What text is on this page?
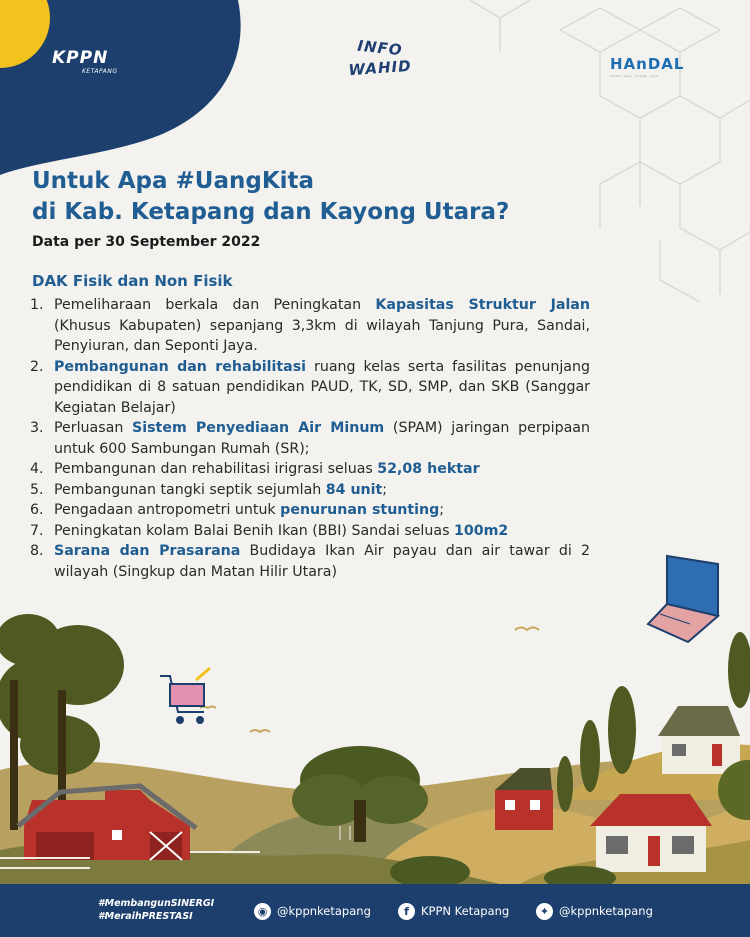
KPPN
KETAPANG
INFO
WAHID	HAnDAL
Handal · Tegas · Amanah · Loyal
Untuk Apa #UangKita
di Kab. Ketapang dan Kayong Utara?
Data per 30 September 2022
DAK Fisik dan Non Fisik
1. Pemeliharaan berkala dan Peningkatan Kapasitas Struktur Jalan (Khusus Kabupaten) sepanjang 3,3km di wilayah Tanjung Pura, Sandai, Penyiuran, dan Seponti Jaya.
2. Pembangunan dan rehabilitasi ruang kelas serta fasilitas penunjang pendidikan di 8 satuan pendidikan PAUD, TK, SD, SMP, dan SKB (Sanggar Kegiatan Belajar)
3. Perluasan Sistem Penyediaan Air Minum (SPAM) jaringan perpipaan untuk 600 Sambungan Rumah (SR);
4. Pembangunan dan rehabilitasi irigrasi seluas 52,08 hektar
5. Pembangunan tangki septik sejumlah 84 unit;
6. Pengadaan antropometri untuk penurunan stunting;
7. Peningkatan kolam Balai Benih Ikan (BBI) Sandai seluas 100m2
8. Sarana dan Prasarana Budidaya Ikan Air payau dan air tawar di 2 wilayah (Singkup dan Matan Hilir Utara)
#MembangunSINERGI
#MeraihPRESTASI	◉ @kppnketapang	f	KPPN Ketapang	✦ @kppnketapang
